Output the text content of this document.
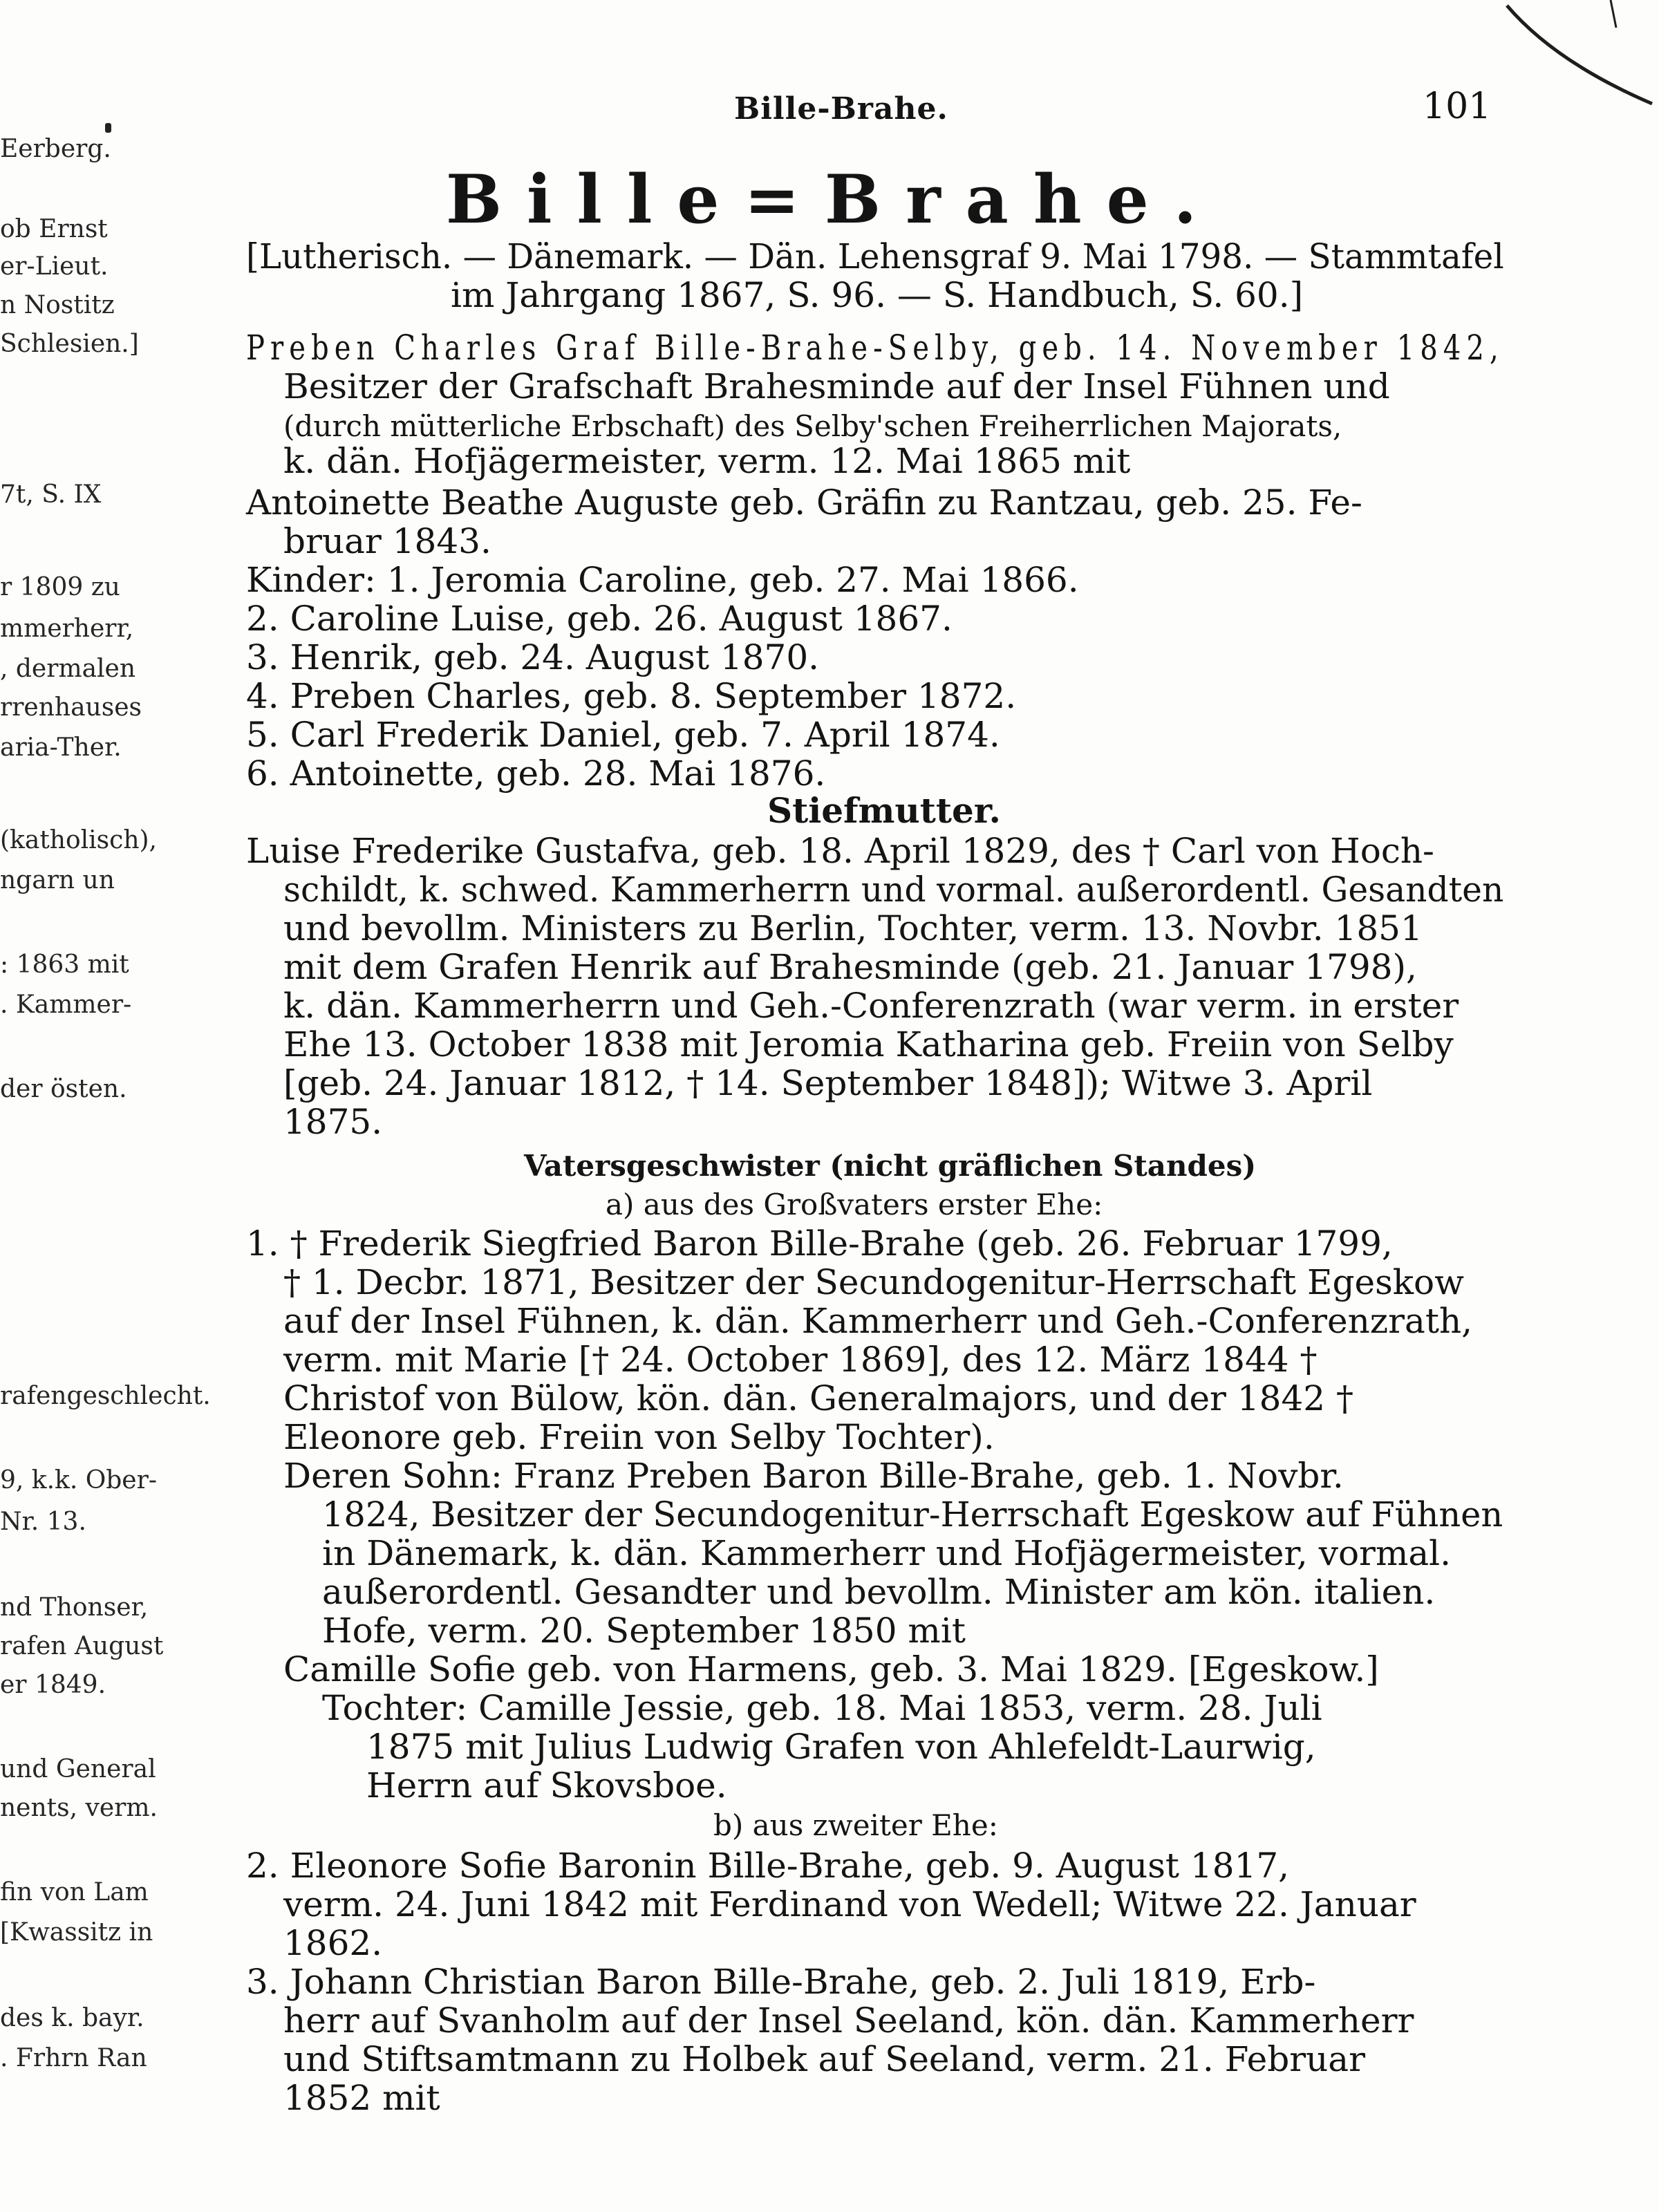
Eerberg.
ob Ernst
er-Lieut.
n Nostitz
Schlesien.]
7t, S. IX
r 1809 zu
mmerherr,
, dermalen
rrenhauses
aria-Ther.
(katholisch),
ngarn un
: 1863 mit
. Kammer-
der östen.
rafengeschlecht.
9, k.k. Ober-
Nr. 13.
nd Thonser,
rafen August
er 1849.
und General
nents, verm.
fin von Lam
[Kwassitz in
des k. bayr.
. Frhrn Ran
Bille-Brahe.	101
Bille=Brahe.
[Lutherisch. — Dänemark. — Dän. Lehensgraf 9. Mai 1798. — Stammtafel
im Jahrgang 1867, S. 96. — S. Handbuch, S. 60.]
Preben Charles Graf Bille-Brahe-Selby, geb. 14. November 1842,
Besitzer der Grafschaft Brahesminde auf der Insel Fühnen und
(durch mütterliche Erbschaft) des Selby'schen Freiherrlichen Majorats,
k. dän. Hofjägermeister, verm. 12. Mai 1865 mit
Antoinette Beathe Auguste geb. Gräfin zu Rantzau, geb. 25. Fe-
bruar 1843.
Kinder: 1. Jeromia Caroline, geb. 27. Mai 1866.
2. Caroline Luise, geb. 26. August 1867.
3. Henrik, geb. 24. August 1870.
4. Preben Charles, geb. 8. September 1872.
5. Carl Frederik Daniel, geb. 7. April 1874.
6. Antoinette, geb. 28. Mai 1876.
Stiefmutter.
Luise Frederike Gustafva, geb. 18. April 1829, des † Carl von Hoch-
schildt, k. schwed. Kammerherrn und vormal. außerordentl. Gesandten
und bevollm. Ministers zu Berlin, Tochter, verm. 13. Novbr. 1851
mit dem Grafen Henrik auf Brahesminde (geb. 21. Januar 1798),
k. dän. Kammerherrn und Geh.-Conferenzrath (war verm. in erster
Ehe 13. October 1838 mit Jeromia Katharina geb. Freiin von Selby
[geb. 24. Januar 1812, † 14. September 1848]); Witwe 3. April
1875.
Vatersgeschwister (nicht gräflichen Standes)
a) aus des Großvaters erster Ehe:
1. † Frederik Siegfried Baron Bille-Brahe (geb. 26. Februar 1799,
† 1. Decbr. 1871, Besitzer der Secundogenitur-Herrschaft Egeskow
auf der Insel Fühnen, k. dän. Kammerherr und Geh.-Conferenzrath,
verm. mit Marie [† 24. October 1869], des 12. März 1844 †
Christof von Bülow, kön. dän. Generalmajors, und der 1842 †
Eleonore geb. Freiin von Selby Tochter).
Deren Sohn: Franz Preben Baron Bille-Brahe, geb. 1. Novbr.
1824, Besitzer der Secundogenitur-Herrschaft Egeskow auf Fühnen
in Dänemark, k. dän. Kammerherr und Hofjägermeister, vormal.
außerordentl. Gesandter und bevollm. Minister am kön. italien.
Hofe, verm. 20. September 1850 mit
Camille Sofie geb. von Harmens, geb. 3. Mai 1829. [Egeskow.]
Tochter: Camille Jessie, geb. 18. Mai 1853, verm. 28. Juli
1875 mit Julius Ludwig Grafen von Ahlefeldt-Laurwig,
Herrn auf Skovsboe.
b) aus zweiter Ehe:
2. Eleonore Sofie Baronin Bille-Brahe, geb. 9. August 1817,
verm. 24. Juni 1842 mit Ferdinand von Wedell; Witwe 22. Januar
1862.
3. Johann Christian Baron Bille-Brahe, geb. 2. Juli 1819, Erb-
herr auf Svanholm auf der Insel Seeland, kön. dän. Kammerherr
und Stiftsamtmann zu Holbek auf Seeland, verm. 21. Februar
1852 mit
